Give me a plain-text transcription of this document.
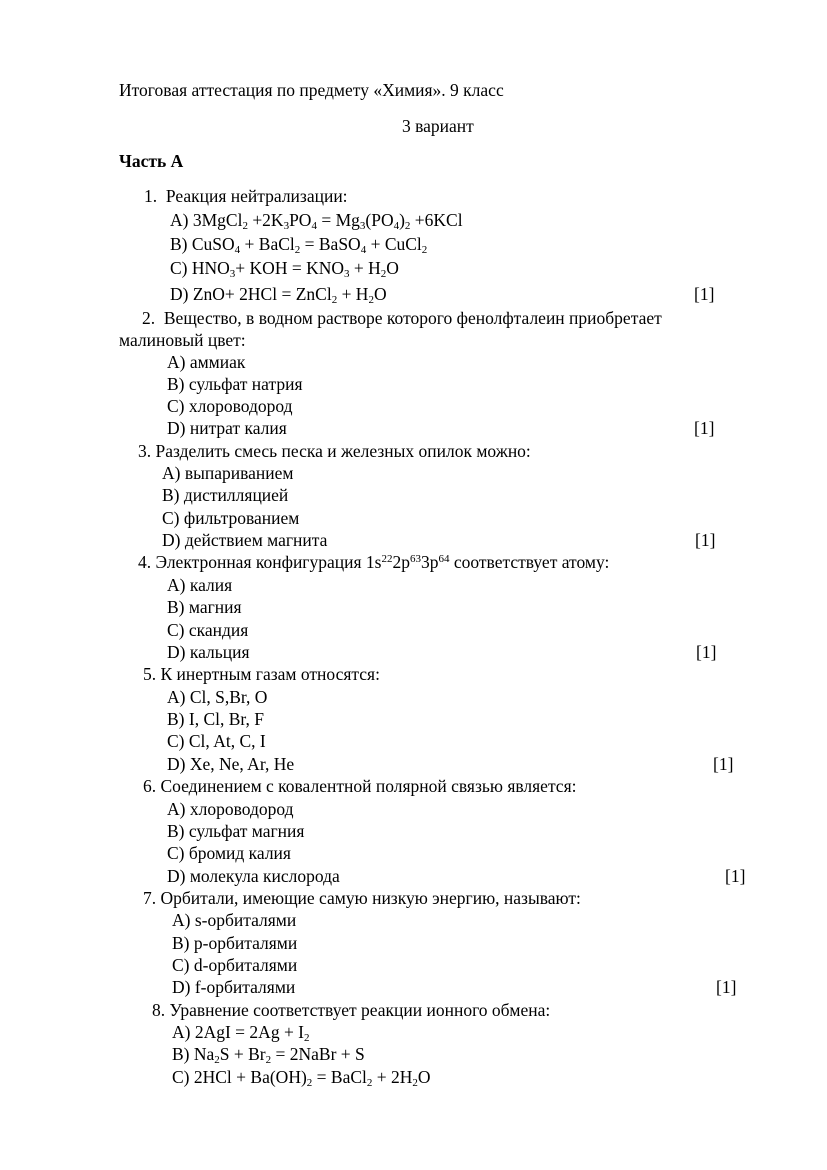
Итоговая аттестация по предмету «Химия». 9 класс
3 вариант
Часть А
1. Реакция нейтрализации:
A) 3MgCl$_2$ $+2K_3PO_4 = Mg_3(PO_4)_2 +6KCl$
B) CuSO$_4$ + BaCl$_2$ = BaSO$_4$ + CuCl$_2$
C) $HNO_3+$ KOH = $KNO_3 + H_2O$
D) ZnO+ 2HCl = ZnCl$_2$ + $H_2O$	[1]
2. Вещество, в водном растворе которого фенолфталеин приобретает
малиновый цвет:
A) аммиак
B) сульфат натрия
C) хлороводород
D) нитрат калия	[1]
3. Разделить смесь песка и железных опилок можно:
A) выпариванием
B) дистилляцией
C) фильтрованием
D) действием магнита	[1]
4. Электронная конфигурация $1s^{22}2p^{63}3p^{64}$ соответствует атому:
A) калия
B) магния
C) скандия
D) кальция	[1]
5. К инертным газам относятся:
A) Cl, S,Br, O
B) I, Cl, Br, F
C) Cl, At, C, I
D) Xe, Ne, Ar, He	[1]
6. Соединением с ковалентной полярной связью является:
A) хлороводород
B) сульфат магния
C) бромид калия
D) молекула кислорода	[1]
7. Орбитали, имеющие самую низкую энергию, называют:
A) s-орбиталями
B) p-орбиталями
C) d-орбиталями
D) f-орбиталями	[1]
8. Уравнение соответствует реакции ионного обмена:
A) $2AgI = 2Ag + I_2$
B) $Na_2S + Br_2$ = 2NaBr + S
C) $2HCl + Ba(OH)_2$ = BaCl$_2$ + $2H_2O$
